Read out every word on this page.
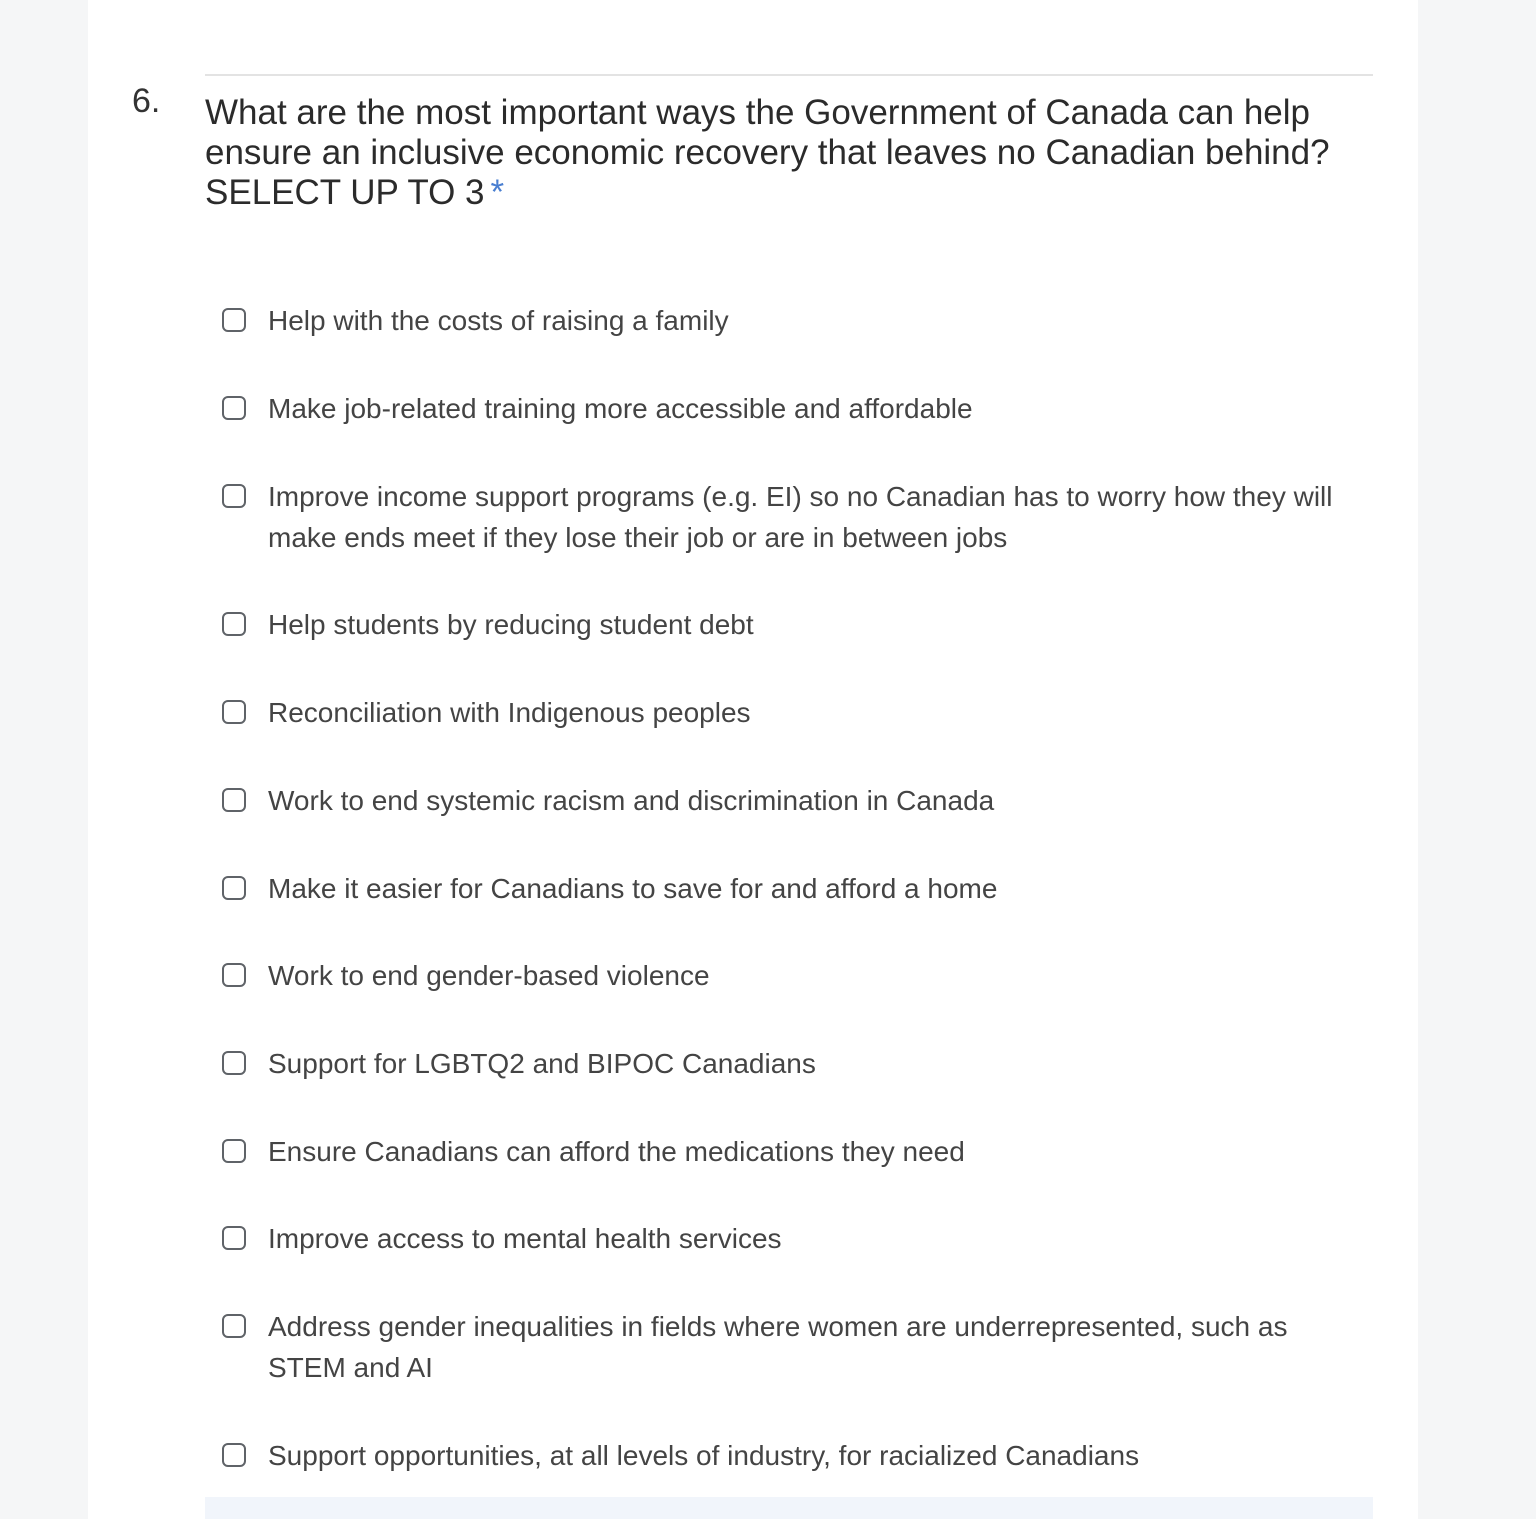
6. What are the most important ways the Government of Canada can help ensure an inclusive economic recovery that leaves no Canadian behind? SELECT UP TO 3 *
Help with the costs of raising a family
Make job-related training more accessible and affordable
Improve income support programs (e.g. EI) so no Canadian has to worry how they will make ends meet if they lose their job or are in between jobs
Help students by reducing student debt
Reconciliation with Indigenous peoples
Work to end systemic racism and discrimination in Canada
Make it easier for Canadians to save for and afford a home
Work to end gender-based violence
Support for LGBTQ2 and BIPOC Canadians
Ensure Canadians can afford the medications they need
Improve access to mental health services
Address gender inequalities in fields where women are underrepresented, such as STEM and AI
Support opportunities, at all levels of industry, for racialized Canadians
